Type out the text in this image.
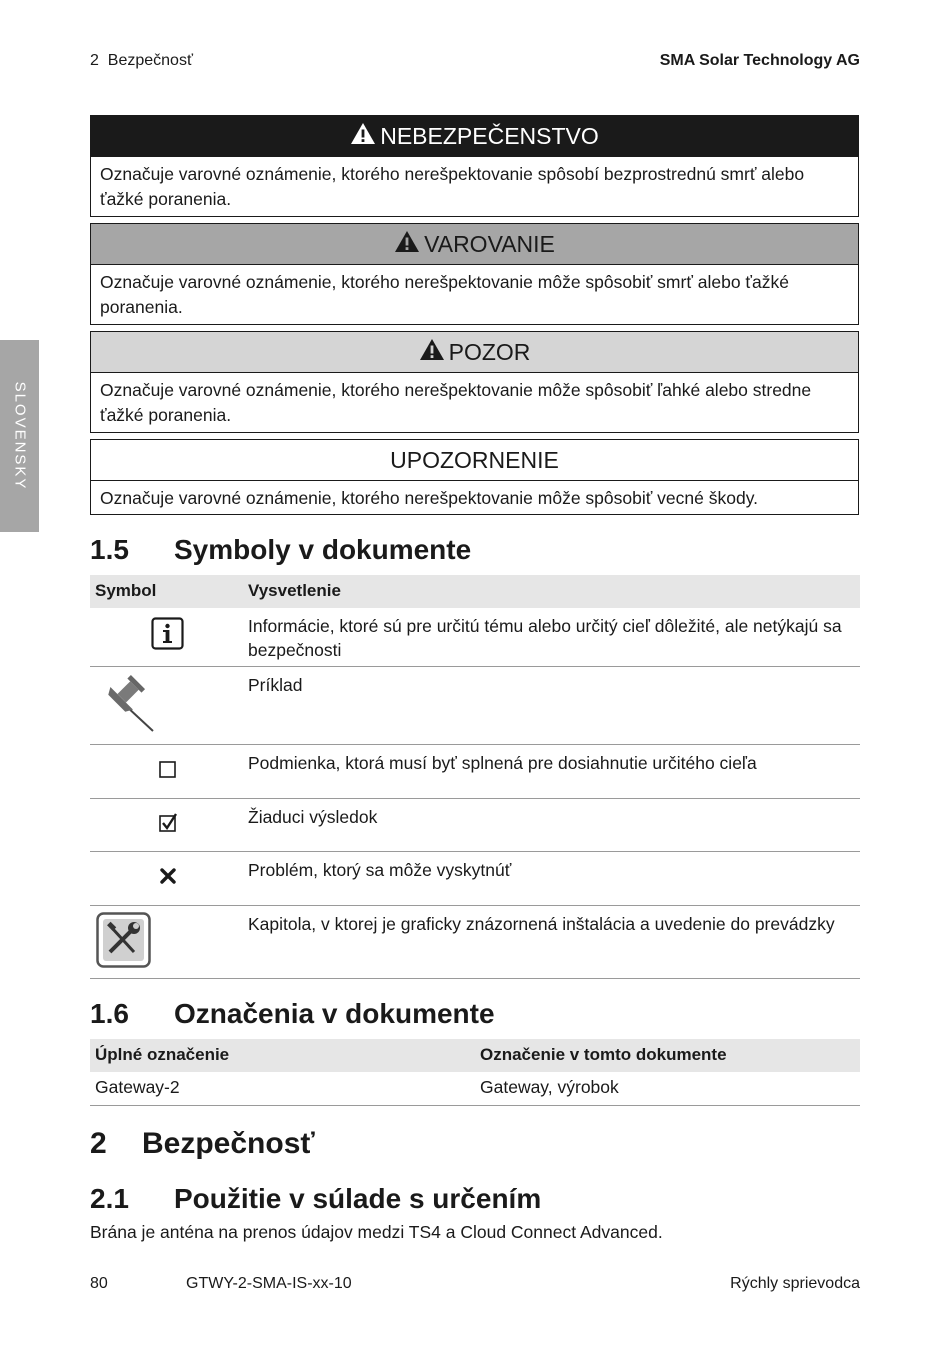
2  Bezpečnosť	SMA Solar Technology AG
SLOVENSKY
NEBEZPEČENSTVO
Označuje varovné oznámenie, ktorého nerešpektovanie spôsobí bezprostrednú smrť alebo ťažké poranenia.
VAROVANIE
Označuje varovné oznámenie, ktorého nerešpektovanie môže spôsobiť smrť alebo ťažké poranenia.
POZOR
Označuje varovné oznámenie, ktorého nerešpektovanie môže spôsobiť ľahké alebo stredne ťažké poranenia.
UPOZORNENIE
Označuje varovné oznámenie, ktorého nerešpektovanie môže spôsobiť vecné škody.
1.5 Symboly v dokumente
Symbol	Vysvetlenie
Informácie, ktoré sú pre určitú tému alebo určitý cieľ dôležité, ale netýkajú sa bezpečnosti
Príklad
Podmienka, ktorá musí byť splnená pre dosiahnutie určitého cieľa
Žiaduci výsledok
Problém, ktorý sa môže vyskytnúť
Kapitola, v ktorej je graficky znázornená inštalácia a uvedenie do prevádzky
1.6 Označenia v dokumente
Úplné označenie	Označenie v tomto dokumente
Gateway-2	Gateway, výrobok
2 Bezpečnosť
2.1 Použitie v súlade s určením
Brána je anténa na prenos údajov medzi TS4 a Cloud Connect Advanced.
80	GTWY-2-SMA-IS-xx-10	Rýchly sprievodca
